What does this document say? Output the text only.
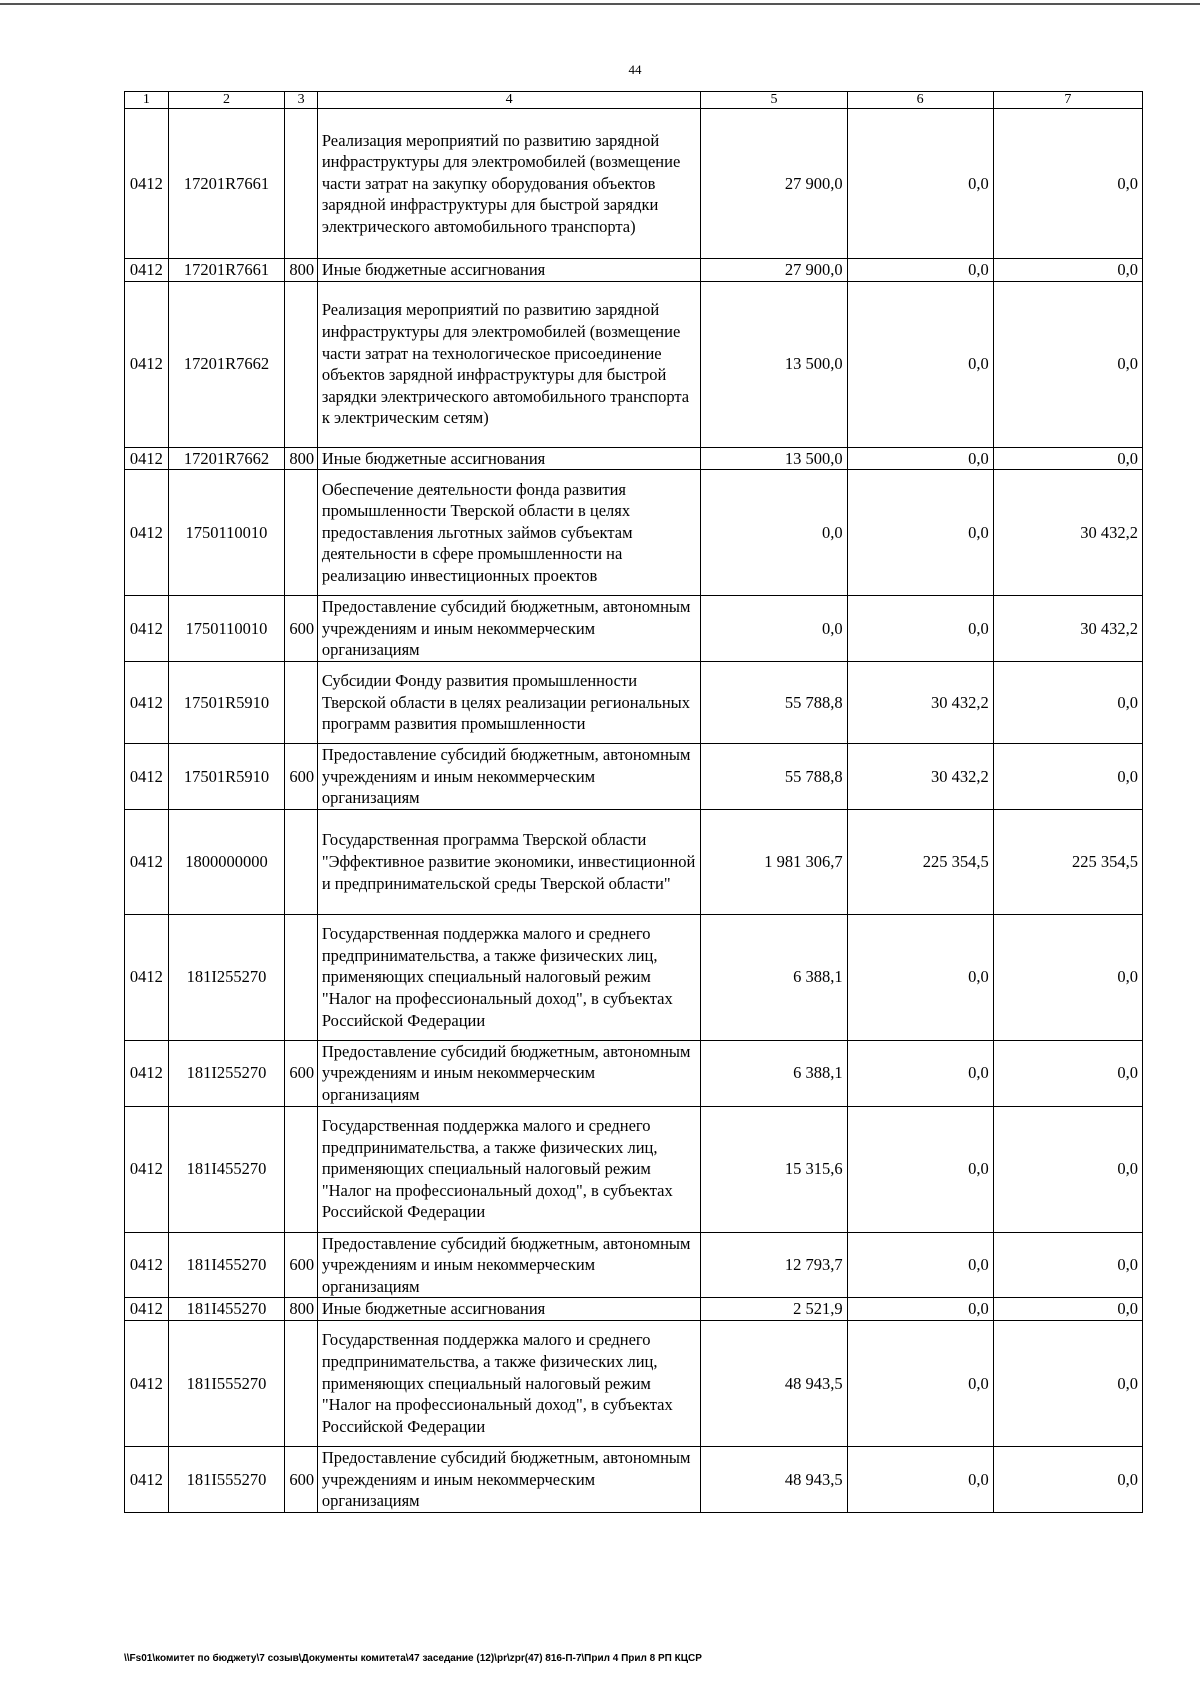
44
1	2	3	4	5	6	7
0412	17201R7661		Реализация мероприятий по развитию зарядной инфраструктуры для электромобилей (возмещение части затрат на закупку оборудования объектов зарядной инфраструктуры для быстрой зарядки электрического автомобильного транспорта)	27 900,0	0,0	0,0
0412	17201R7661	800	Иные бюджетные ассигнования	27 900,0	0,0	0,0
0412	17201R7662		Реализация мероприятий по развитию зарядной инфраструктуры для электромобилей (возмещение части затрат на технологическое присоединение объектов зарядной инфраструктуры для быстрой зарядки электрического автомобильного транспорта к электрическим сетям)	13 500,0	0,0	0,0
0412	17201R7662	800	Иные бюджетные ассигнования	13 500,0	0,0	0,0
0412	1750110010		Обеспечение деятельности фонда развития промышленности Тверской области в целях предоставления льготных займов субъектам деятельности в сфере промышленности на реализацию инвестиционных проектов	0,0	0,0	30 432,2
0412	1750110010	600	Предоставление субсидий бюджетным, автономным учреждениям и иным некоммерческим организациям	0,0	0,0	30 432,2
0412	17501R5910		Субсидии Фонду развития промышленности Тверской области в целях реализации региональных программ развития промышленности	55 788,8	30 432,2	0,0
0412	17501R5910	600	Предоставление субсидий бюджетным, автономным учреждениям и иным некоммерческим организациям	55 788,8	30 432,2	0,0
0412	1800000000		Государственная программа Тверской области "Эффективное развитие экономики, инвестиционной и предпринимательской среды Тверской области"	1 981 306,7	225 354,5	225 354,5
0412	181I255270		Государственная поддержка малого и среднего предпринимательства, а также физических лиц, применяющих специальный налоговый режим "Налог на профессиональный доход", в субъектах Российской Федерации	6 388,1	0,0	0,0
0412	181I255270	600	Предоставление субсидий бюджетным, автономным учреждениям и иным некоммерческим организациям	6 388,1	0,0	0,0
0412	181I455270		Государственная поддержка малого и среднего предпринимательства, а также физических лиц, применяющих специальный налоговый режим "Налог на профессиональный доход", в субъектах Российской Федерации	15 315,6	0,0	0,0
0412	181I455270	600	Предоставление субсидий бюджетным, автономным учреждениям и иным некоммерческим организациям	12 793,7	0,0	0,0
0412	181I455270	800	Иные бюджетные ассигнования	2 521,9	0,0	0,0
0412	181I555270		Государственная поддержка малого и среднего предпринимательства, а также физических лиц, применяющих специальный налоговый режим "Налог на профессиональный доход", в субъектах Российской Федерации	48 943,5	0,0	0,0
0412	181I555270	600	Предоставление субсидий бюджетным, автономным учреждениям и иным некоммерческим организациям	48 943,5	0,0	0,0
\\Fs01\комитет по бюджету\7 созыв\Документы комитета\47 заседание (12)\pr\zpr(47) 816-П-7\Прил 4 Прил 8 РП КЦСР
